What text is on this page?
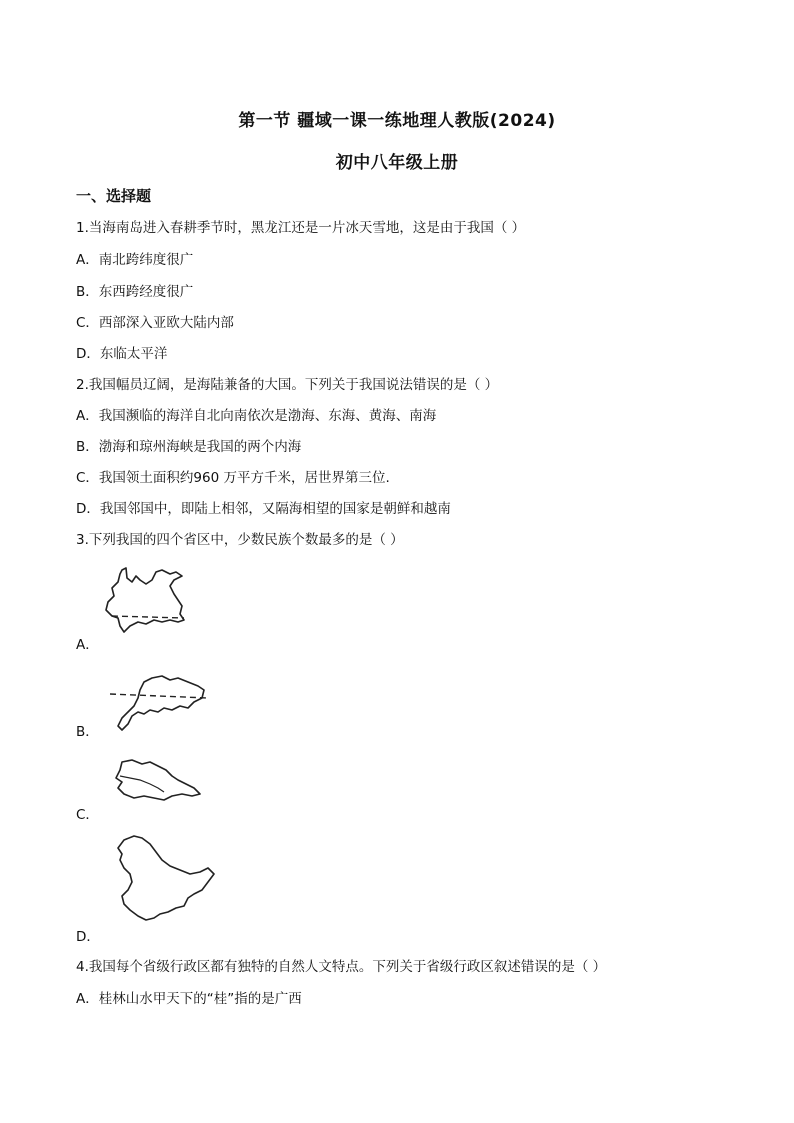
第一节 疆域一课一练地理人教版(2024)
初中八年级上册
一、选择题
1.当海南岛进入春耕季节时，黑龙江还是一片冰天雪地，这是由于我国（ ）
A．南北跨纬度很广
B．东西跨经度很广
C．西部深入亚欧大陆内部
D．东临太平洋
2.我国幅员辽阔，是海陆兼备的大国。下列关于我国说法错误的是（ ）
A．我国濒临的海洋自北向南依次是渤海、东海、黄海、南海
B．渤海和琼州海峡是我国的两个内海
C．我国领土面积约960 万平方千米，居世界第三位.
D．我国邻国中，即陆上相邻，又隔海相望的国家是朝鲜和越南
3.下列我国的四个省区中，少数民族个数最多的是（ ）
A．
B．
C．
D．
4.我国每个省级行政区都有独特的自然人文特点。下列关于省级行政区叙述错误的是（ ）
A．桂林山水甲天下的“桂”指的是广西
